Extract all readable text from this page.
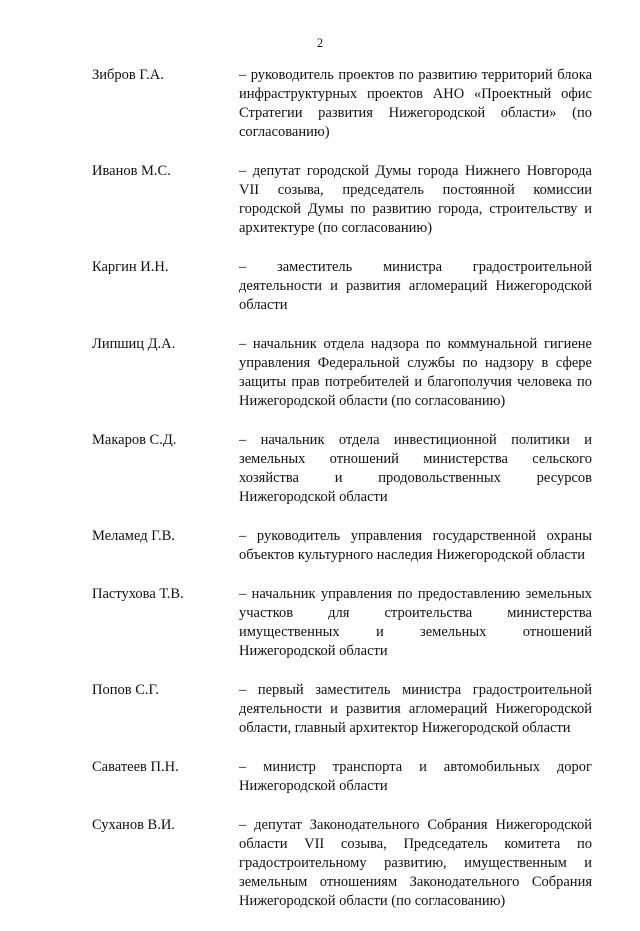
2
Зибров Г.А.	– руководитель проектов по развитию территорий блока инфраструктурных проектов АНО «Проектный офис Стратегии развития Нижегородской области» (по согласованию)
Иванов М.С.	– депутат городской Думы города Нижнего Новгорода VII созыва, председатель постоянной комиссии городской Думы по развитию города, строительству и архитектуре (по согласованию)
Каргин И.Н.	– заместитель министра градостроительной деятельности и развития агломераций Нижегородской области
Липшиц Д.А.	– начальник отдела надзора по коммунальной гигиене управления Федеральной службы по надзору в сфере защиты прав потребителей и благополучия человека по Нижегородской области (по согласованию)
Макаров С.Д.	– начальник отдела инвестиционной политики и земельных отношений министерства сельского хозяйства и продовольственных ресурсов Нижегородской области
Меламед Г.В.	– руководитель управления государственной охраны объектов культурного наследия Нижегородской области
Пастухова Т.В.	– начальник управления по предоставлению земельных участков для строительства министерства имущественных и земельных отношений Нижегородской области
Попов С.Г.	– первый заместитель министра градостроительной деятельности и развития агломераций Нижегородской области, главный архитектор Нижегородской области
Саватеев П.Н.	– министр транспорта и автомобильных дорог Нижегородской области
Суханов В.И.	– депутат Законодательного Собрания Нижегородской области VII созыва, Председатель комитета по градостроительному развитию, имущественным и земельным отношениям Законодательного Собрания Нижегородской области (по согласованию)
